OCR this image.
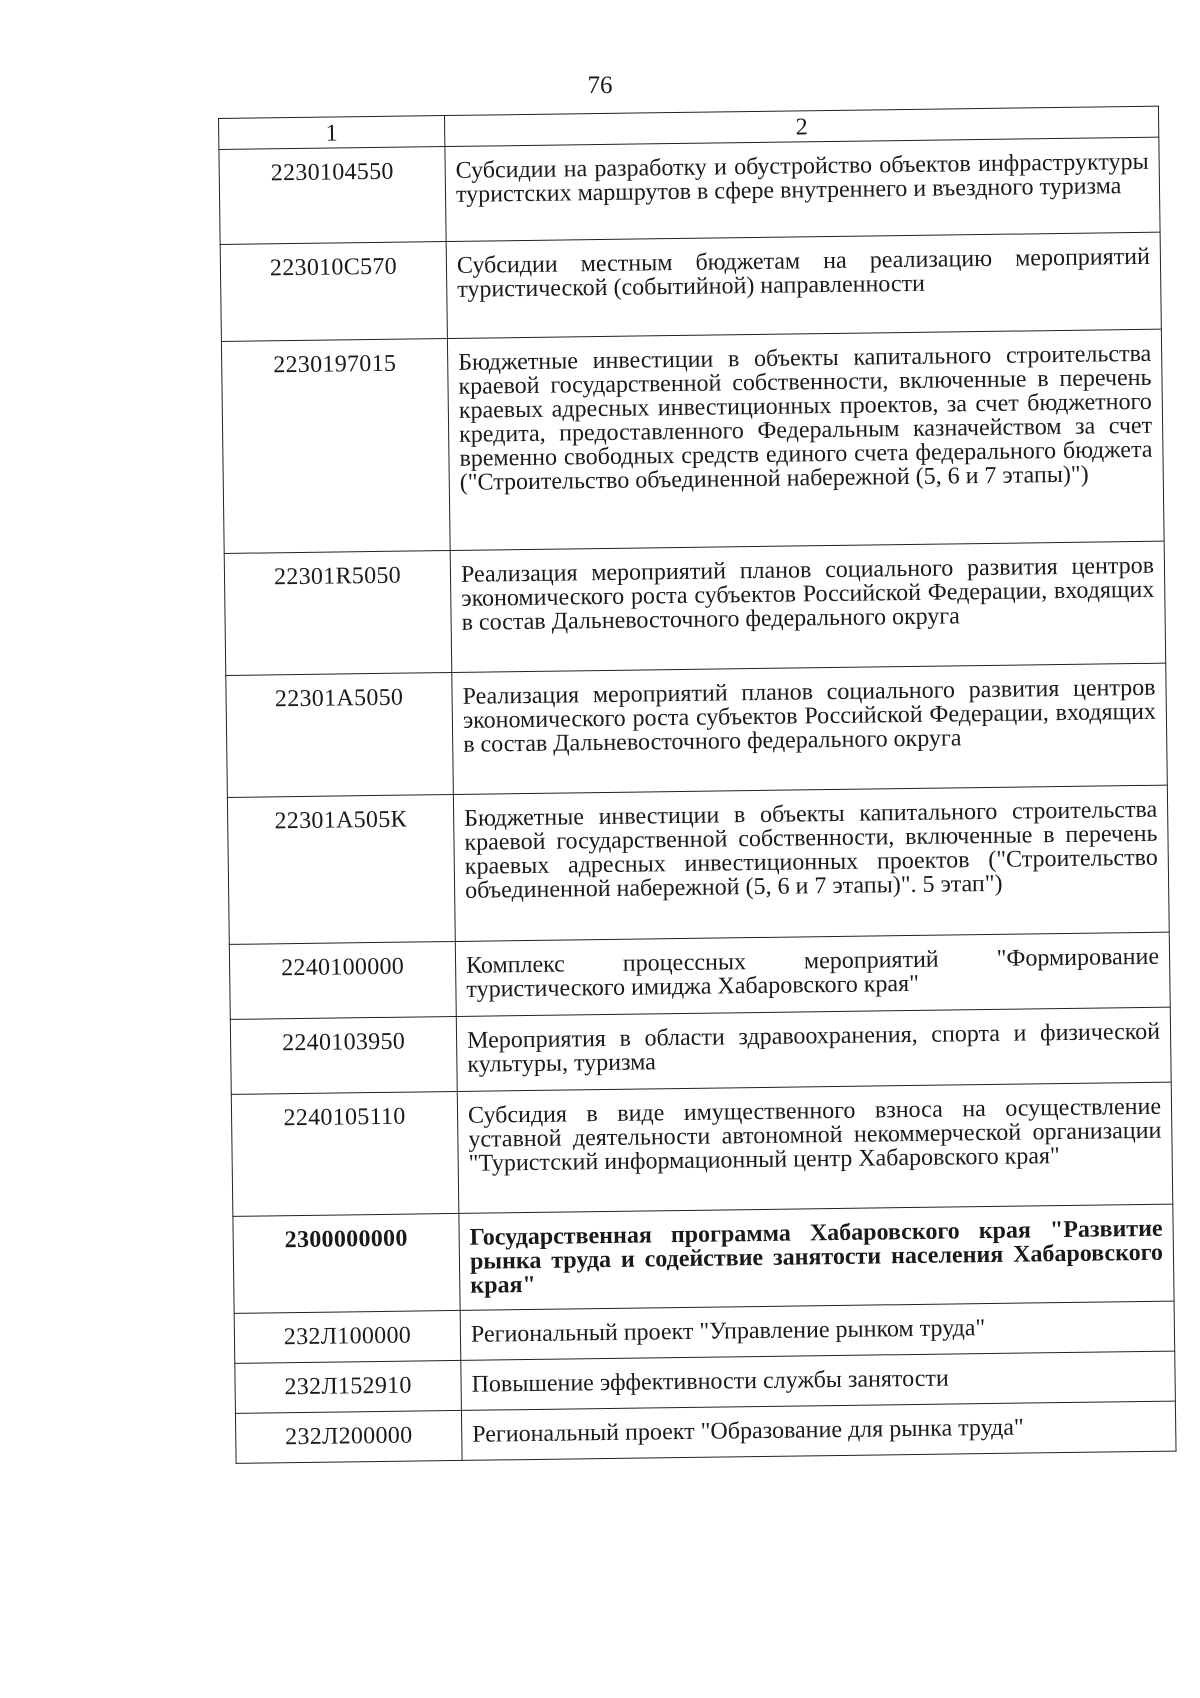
76
1	2
2230104550	Субсидии на разработку и обустройство объектов инфраструктуры туристских маршрутов в сфере внутреннего и въездного туризма
223010С570	Субсидии местным бюджетам на реализацию мероприятий туристической (событийной) направленности
2230197015	Бюджетные инвестиции в объекты капитального строительства краевой государственной собственности, включенные в перечень краевых адресных инвестиционных проектов, за счет бюджетного кредита, предоставленного Федеральным казначейством за счет временно свободных средств единого счета федерального бюджета ("Строительство объединенной набережной (5, 6 и 7 этапы)")
22301R5050	Реализация мероприятий планов социального развития центров экономического роста субъектов Российской Федерации, входящих в состав Дальневосточного федерального округа
22301А5050	Реализация мероприятий планов социального развития центров экономического роста субъектов Российской Федерации, входящих в состав Дальневосточного федерального округа
22301А505К	Бюджетные инвестиции в объекты капитального строительства краевой государственной собственности, включенные в перечень краевых адресных инвестиционных проектов ("Строительство объединенной набережной (5, 6 и 7 этапы)". 5 этап")
2240100000	Комплекс процессных мероприятий "Формирование туристического имиджа Хабаровского края"
2240103950	Мероприятия в области здравоохранения, спорта и физической культуры, туризма
2240105110	Субсидия в виде имущественного взноса на осуществление уставной деятельности автономной некоммерческой организации "Туристский информационный центр Хабаровского края"
2300000000	Государственная программа Хабаровского края "Развитие рынка труда и содействие занятости населения Хабаровского края"
232Л100000	Региональный проект "Управление рынком труда"
232Л152910	Повышение эффективности службы занятости
232Л200000	Региональный проект "Образование для рынка труда"
